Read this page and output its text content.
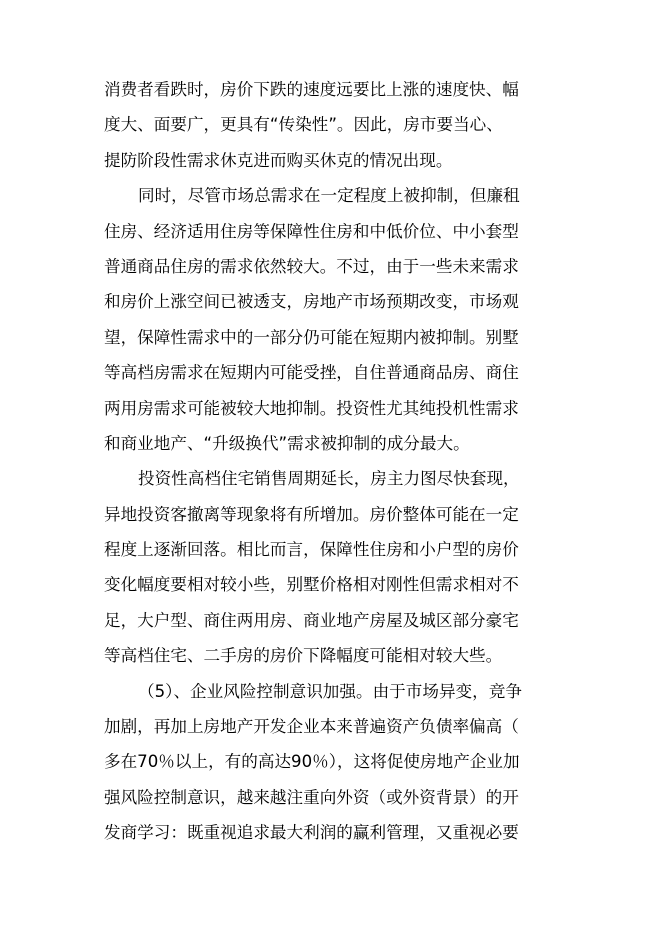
消费者看跌时，房价下跌的速度远要比上涨的速度快、幅
度大、面要广，更具有“传染性”。因此，房市要当心、
提防阶段性需求休克进而购买休克的情况出现。
同时，尽管市场总需求在一定程度上被抑制，但廉租
住房、经济适用住房等保障性住房和中低价位、中小套型
普通商品住房的需求依然较大。不过，由于一些未来需求
和房价上涨空间已被透支，房地产市场预期改变，市场观
望，保障性需求中的一部分仍可能在短期内被抑制。别墅
等高档房需求在短期内可能受挫，自住普通商品房、商住
两用房需求可能被较大地抑制。投资性尤其纯投机性需求
和商业地产、“升级换代”需求被抑制的成分最大。
投资性高档住宅销售周期延长，房主力图尽快套现，
异地投资客撤离等现象将有所增加。房价整体可能在一定
程度上逐渐回落。相比而言，保障性住房和小户型的房价
变化幅度要相对较小些，别墅价格相对刚性但需求相对不
足，大户型、商住两用房、商业地产房屋及城区部分豪宅
等高档住宅、二手房的房价下降幅度可能相对较大些。
（5）、企业风险控制意识加强。由于市场异变，竞争
加剧，再加上房地产开发企业本来普遍资产负债率偏高（
多在70％以上，有的高达90％），这将促使房地产企业加
强风险控制意识，越来越注重向外资（或外资背景）的开
发商学习：既重视追求最大利润的赢利管理，又重视必要
